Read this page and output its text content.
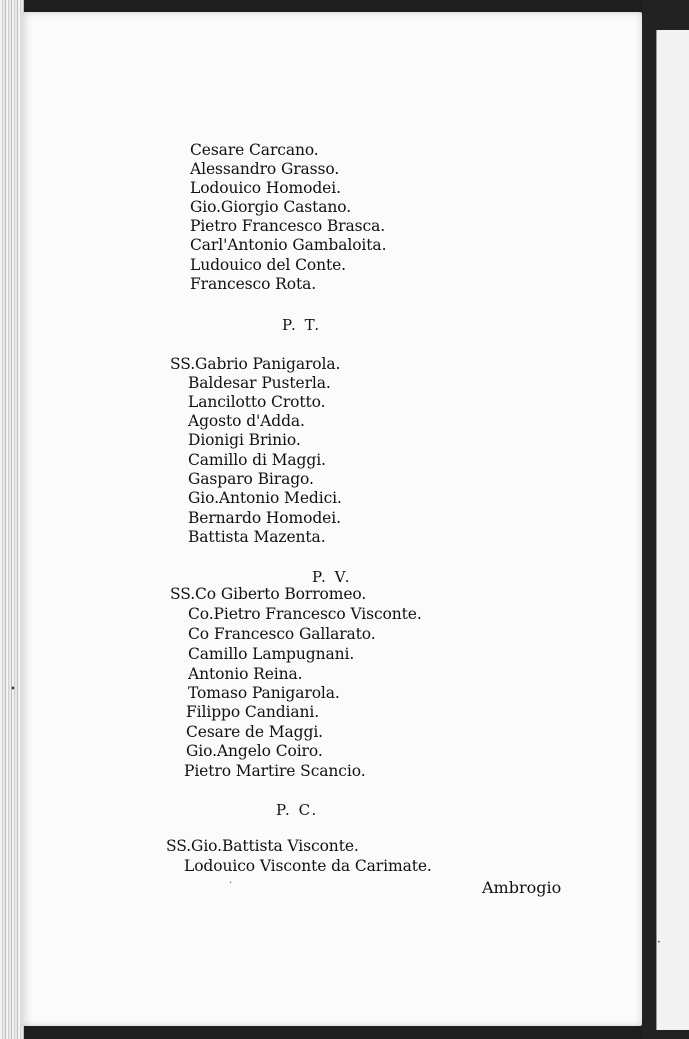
•
·
Cesare Carcano.
Alessandro Grasso.
Lodouico Homodei.
Gio.Giorgio Castano.
Pietro Francesco Brasca.
Carl'Antonio Gambaloita.
Ludouico del Conte.
Francesco Rota.
P. T.
SS.Gabrio Panigarola.
Baldesar Pusterla.
Lancilotto Crotto.
Agosto d'Adda.
Dionigi Brinio.
Camillo di Maggi.
Gasparo Birago.
Gio.Antonio Medici.
Bernardo Homodei.
Battista Mazenta.
P. V.
SS.Co Giberto Borromeo.
Co.Pietro Francesco Visconte.
Co Francesco Gallarato.
Camillo Lampugnani.
Antonio Reina.
Tomaso Panigarola.
Filippo Candiani.
Cesare de Maggi.
Gio.Angelo Coiro.
Pietro Martire Scancio.
P. C.
SS.Gio.Battista Visconte.
Lodouico Visconte da Carimate.
·	Ambrogio
